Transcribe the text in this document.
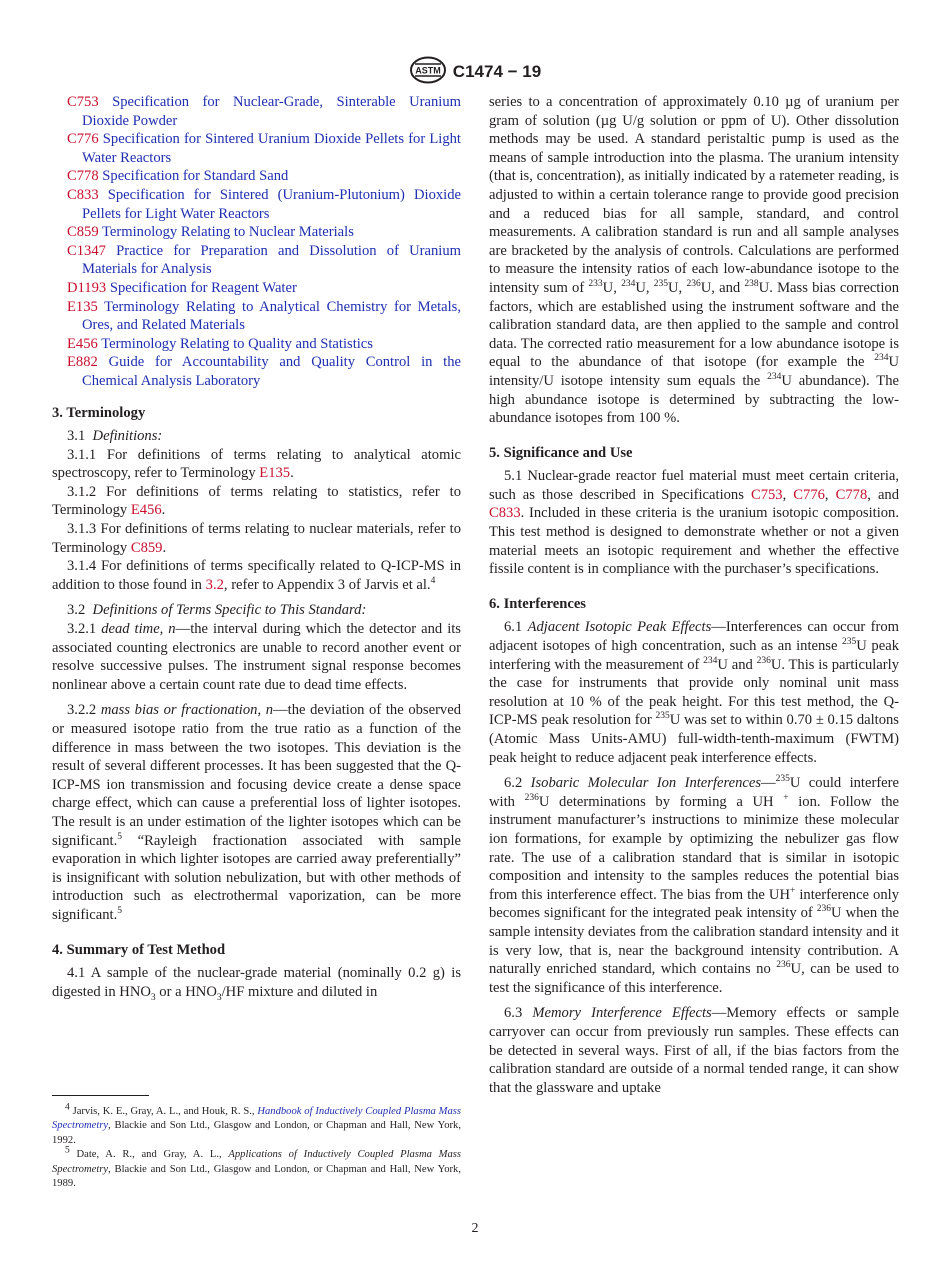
ASTM C1474 − 19

C753 Specification for Nuclear-Grade, Sinterable Uranium Dioxide Powder

C776 Specification for Sintered Uranium Dioxide Pellets for Light Water Reactors

C778 Specification for Standard Sand

C833 Specification for Sintered (Uranium-Plutonium) Dioxide Pellets for Light Water Reactors

C859 Terminology Relating to Nuclear Materials

C1347 Practice for Preparation and Dissolution of Uranium Materials for Analysis

D1193 Specification for Reagent Water

E135 Terminology Relating to Analytical Chemistry for Metals, Ores, and Related Materials

E456 Terminology Relating to Quality and Statistics

E882 Guide for Accountability and Quality Control in the Chemical Analysis Laboratory

3. Terminology

3.1 Definitions:

3.1.1 For definitions of terms relating to analytical atomic spectroscopy, refer to Terminology E135.

3.1.2 For definitions of terms relating to statistics, refer to Terminology E456.

3.1.3 For definitions of terms relating to nuclear materials, refer to Terminology C859.

3.1.4 For definitions of terms specifically related to Q-ICP-MS in addition to those found in 3.2, refer to Appendix 3 of Jarvis et al.$^4$

3.2 Definitions of Terms Specific to This Standard:

3.2.1 dead time, n—the interval during which the detector and its associated counting electronics are unable to record another event or resolve successive pulses. The instrument signal response becomes nonlinear above a certain count rate due to dead time effects.

3.2.2 mass bias or fractionation, n—the deviation of the observed or measured isotope ratio from the true ratio as a function of the difference in mass between the two isotopes. This deviation is the result of several different processes. It has been suggested that the Q-ICP-MS ion transmission and focusing device create a dense space charge effect, which can cause a preferential loss of lighter isotopes. The result is an under estimation of the lighter isotopes which can be significant.$^5$ “Rayleigh fractionation associated with sample evaporation in which lighter isotopes are carried away preferentially” is insignificant with solution nebulization, but with other methods of introduction such as electrothermal vaporization, can be more significant.$^5$

4. Summary of Test Method

4.1 A sample of the nuclear-grade material (nominally 0.2 g) is digested in $HNO_3$ or a $HNO_3/HF$ mixture and diluted in

series to a concentration of approximately 0.10 µg of uranium per gram of solution (µg U/g solution or ppm of U). Other dissolution methods may be used. A standard peristaltic pump is used as the means of sample introduction into the plasma. The uranium intensity (that is, concentration), as initially indicated by a ratemeter reading, is adjusted to within a certain tolerance range to provide good precision and a reduced bias for all sample, standard, and control measurements. A calibration standard is run and all sample analyses are bracketed by the analysis of controls. Calculations are performed to measure the intensity ratios of each low-abundance isotope to the intensity sum of $^{233}$U, $^{234}$U, $^{235}$U, $^{236}$U, and $^{238}$U. Mass bias correction factors, which are established using the instrument software and the calibration standard data, are then applied to the sample and control data. The corrected ratio measurement for a low abundance isotope is equal to the abundance of that isotope (for example the $^{234}$U intensity/U isotope intensity sum equals the $^{234}$U abundance). The high abundance isotope is determined by subtracting the low-abundance isotopes from 100 %.

5. Significance and Use

5.1 Nuclear-grade reactor fuel material must meet certain criteria, such as those described in Specifications C753, C776, C778, and C833. Included in these criteria is the uranium isotopic composition. This test method is designed to demonstrate whether or not a given material meets an isotopic requirement and whether the effective fissile content is in compliance with the purchaser’s specifications.

6. Interferences

6.1 Adjacent Isotopic Peak Effects—Interferences can occur from adjacent isotopes of high concentration, such as an intense $^{235}$U peak interfering with the measurement of $^{234}$U and $^{236}$U. This is particularly the case for instruments that provide only nominal unit mass resolution at 10 % of the peak height. For this test method, the Q-ICP-MS peak resolution for $^{235}$U was set to within 0.70 ± 0.15 daltons (Atomic Mass Units-AMU) full-width-tenth-maximum (FWTM) peak height to reduce adjacent peak interference effects.

6.2 Isobaric Molecular Ion Interferences—$^{235}$U could interfere with $^{236}$U determinations by forming a UH + ion. Follow the instrument manufacturer’s instructions to minimize these molecular ion formations, for example by optimizing the nebulizer gas flow rate. The use of a calibration standard that is similar in isotopic composition and intensity to the samples reduces the potential bias from this interference effect. The bias from the UH+ interference only becomes significant for the integrated peak intensity of $^{236}$U when the sample intensity deviates from the calibration standard intensity and it is very low, that is, near the background intensity contribution. A naturally enriched standard, which contains no $^{236}$U, can be used to test the significance of this interference.

6.3 Memory Interference Effects—Memory effects or sample carryover can occur from previously run samples. These effects can be detected in several ways. First of all, if the bias factors from the calibration standard are outside of a normal tended range, it can show that the glassware and uptake

$^4$ Jarvis, K. E., Gray, A. L., and Houk, R. S., Handbook of Inductively Coupled Plasma Mass Spectrometry, Blackie and Son Ltd., Glasgow and London, or Chapman and Hall, New York, 1992.

$^5$ Date, A. R., and Gray, A. L., Applications of Inductively Coupled Plasma Mass Spectrometry, Blackie and Son Ltd., Glasgow and London, or Chapman and Hall, New York, 1989.

2
